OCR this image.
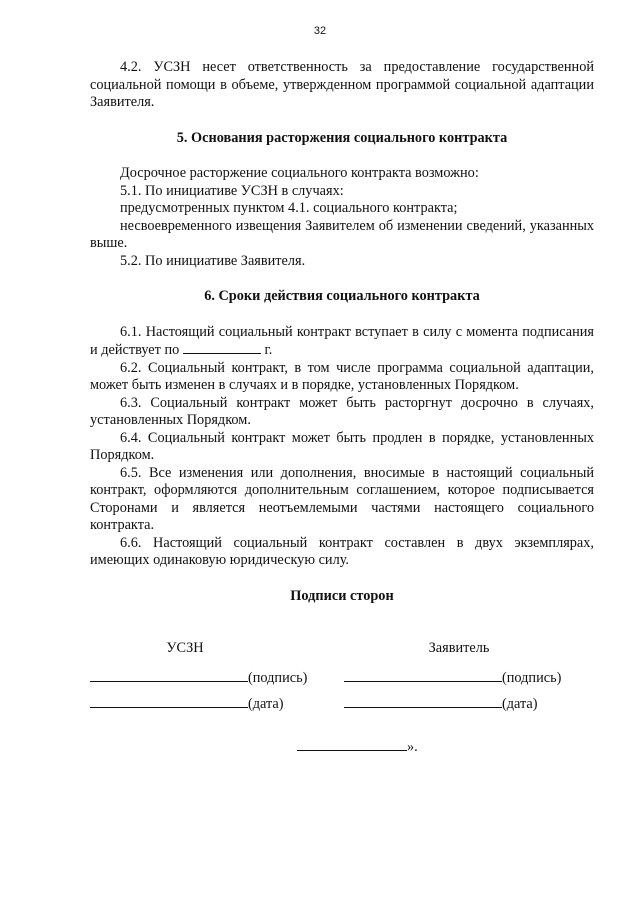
32

4.2. УСЗН несет ответственность за предоставление государственной социальной помощи в объеме, утвержденном программой социальной адаптации Заявителя.

5. Основания расторжения социального контракта

Досрочное расторжение социального контракта возможно:

5.1. По инициативе УСЗН в случаях:

предусмотренных пунктом 4.1. социального контракта;

несвоевременного извещения Заявителем об изменении сведений, указанных выше.

5.2. По инициативе Заявителя.

6. Сроки действия социального контракта

6.1. Настоящий социальный контракт вступает в силу с момента подписания и действует по	г.

6.2. Социальный контракт, в том числе программа социальной адаптации, может быть изменен в случаях и в порядке, установленных Порядком.

6.3. Социальный контракт может быть расторгнут досрочно в случаях, установленных Порядком.

6.4. Социальный контракт может быть продлен в порядке, установленных Порядком.

6.5. Все изменения или дополнения, вносимые в настоящий социальный контракт, оформляются дополнительным соглашением, которое подписывается Сторонами и является неотъемлемыми частями настоящего социального контракта.

6.6. Настоящий социальный контракт составлен в двух экземплярах, имеющих одинаковую юридическую силу.

Подписи сторон

УСЗН
(подпись)
(дата)
Заявитель
(подпись)
(дата)
».
